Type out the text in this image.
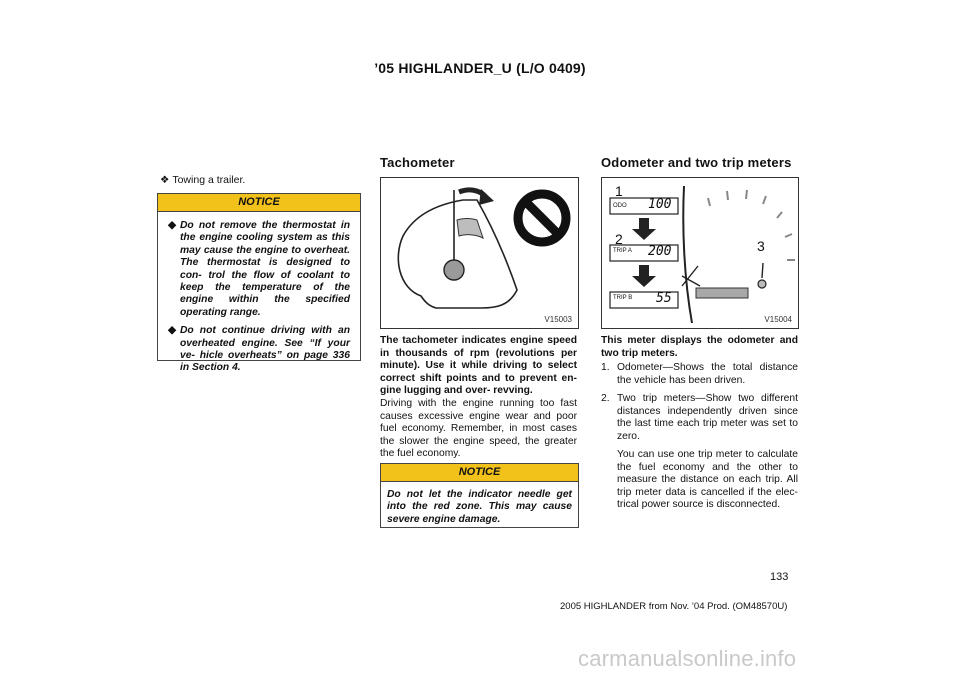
’05 HIGHLANDER_U (L/O 0409)
❖ Towing a trailer.
NOTICE
◆ Do not remove the thermostat in the engine cooling system as this may cause the engine to overheat. The thermostat is designed to con- trol the flow of coolant to keep the temperature of the engine within the specified operating range.
◆ Do not continue driving with an overheated engine. See “If your ve- hicle overheats” on page 336 in Section 4.
Tachometer
V15003
The tachometer indicates engine speed in thousands of rpm (revolutions per minute). Use it while driving to select correct shift points and to prevent en- gine lugging and over- revving.
Driving with the engine running too fast causes excessive engine wear and poor fuel economy. Remember, in most cases the slower the engine speed, the greater the fuel economy.
NOTICE
Do not let the indicator needle get into the red zone. This may cause severe engine damage.
Odometer and two trip meters
1
2	3
ODO 100
TRIP A 200
TRIP B 55
V15004
This meter displays the odometer and two trip meters.
1. Odometer—Shows the total distance the vehicle has been driven.
2. Two trip meters—Show two different distances independently driven since the last time each trip meter was set to zero.
You can use one trip meter to calculate the fuel economy and the other to measure the distance on each trip. All trip meter data is cancelled if the elec- trical power source is disconnected.
133
2005 HIGHLANDER from Nov. ’04 Prod. (OM48570U)
carmanualsonline.info
